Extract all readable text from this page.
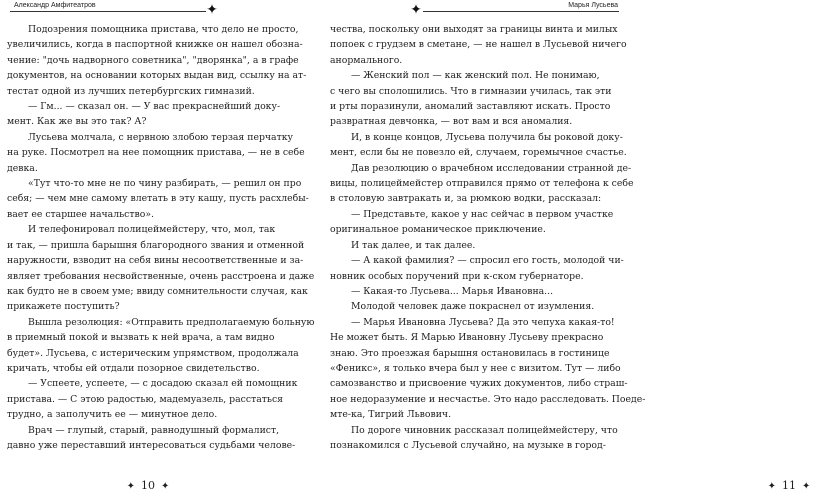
Александр Амфитеатров	✦

Подозрения помощника пристава, что дело не просто,

увеличились, когда в паспортной книжке он нашел обозна-

чение: "дочь надворного советника", "дворянка", а в графе

документов, на основании которых выдан вид, ссылку на ат-

тестат одной из лучших петербургских гимназий.

— Гм... — сказал он. — У вас прекраснейший доку-

мент. Как же вы это так? А?

Лусьева молчала, с нервною злобою терзая перчатку

на руке. Посмотрел на нее помощник пристава, — не в себе

девка.

«Тут что-то мне не по чину разбирать, — решил он про

себя; — чем мне самому влетать в эту кашу, пусть расхлебы-

вает ее старшее начальство».

И телефонировал полицеймейстеру, что, мол, так

и так, — пришла барышня благородного звания и отменной

наружности, взводит на себя вины несоответственные и за-

являет требования несвойственные, очень расстроена и даже

как будто не в своем уме; ввиду сомнительности случая, как

прикажете поступить?

Вышла резолюция: «Отправить предполагаемую больную

в приемный покой и вызвать к ней врача, а там видно

будет». Лусьева, с истерическим упрямством, продолжала

кричать, чтобы ей отдали позорное свидетельство.

— Успеете, успеете, — с досадою сказал ей помощник

пристава. — С этою радостью, мадемуазель, расстаться

трудно, а заполучить ее — минутное дело.

Врач — глупый, старый, равнодушный формалист,

давно уже переставший интересоваться судьбами челове-

✦ 10 ✦
✦	Марья Лусьева

чества, поскольку они выходят за границы винта и милых

попоек с грудзем в сметане, — не нашел в Лусьевой ничего

анормального.

— Женский пол — как женский пол. Не понимаю,

с чего вы сполошились. Что в гимназии училась, так эти

и рты поразинули, аномалий заставляют искать. Просто

развратная девчонка, — вот вам и вся аномалия.

И, в конце концов, Лусьева получила бы роковой доку-

мент, если бы не повезло ей, случаем, горемычное счастье.

Дав резолюцию о врачебном исследовании странной де-

вицы, полицеймейстер отправился прямо от телефона к себе

в столовую завтракать и, за рюмкою водки, рассказал:

— Представьте, какое у нас сейчас в первом участке

оригинальное романическое приключение.

И так далее, и так далее.

— А какой фамилия? — спросил его гость, молодой чи-

новник особых поручений при к-ском губернаторе.

— Какая-то Лусьева... Марья Ивановна...

Молодой человек даже покраснел от изумления.

— Марья Ивановна Лусьева? Да это чепуха какая-то!

Не может быть. Я Марью Ивановну Лусьеву прекрасно

знаю. Это проезжая барышня остановилась в гостинице

«Феникс», я только вчера был у нее с визитом. Тут — либо

самозванство и присвоение чужих документов, либо страш-

ное недоразумение и несчастье. Это надо расследовать. Поеде-

мте-ка, Тигрий Львович.

По дороге чиновник рассказал полицеймейстеру, что

познакомился с Лусьевой случайно, на музыке в город-

✦ 11 ✦
